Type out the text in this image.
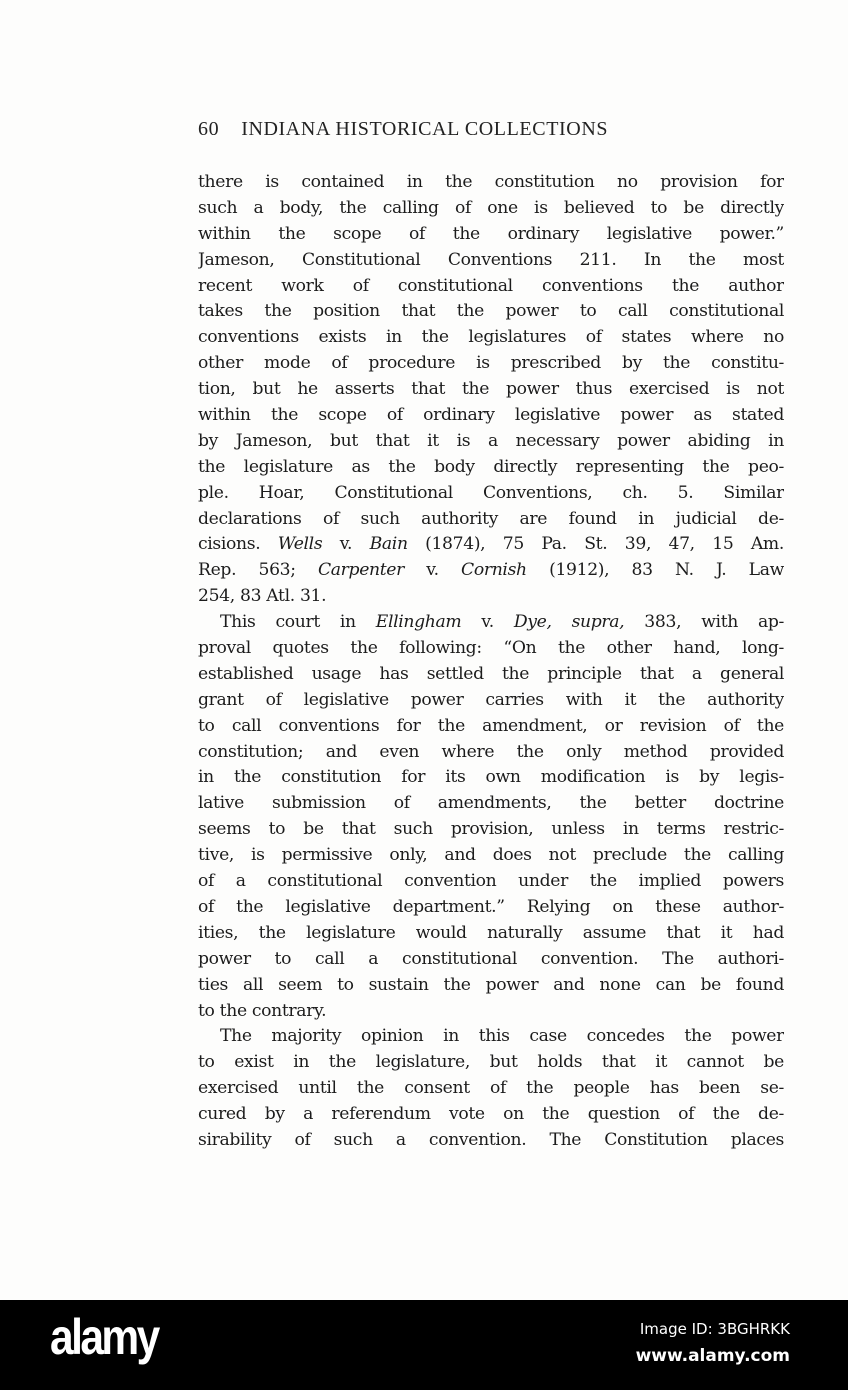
60 INDIANA HISTORICAL COLLECTIONS
there is contained in the constitution no provision for
such a body, the calling of one is believed to be directly
within the scope of the ordinary legislative power.”
Jameson, Constitutional Conventions 211. In the most
recent work of constitutional conventions the author
takes the position that the power to call constitutional
conventions exists in the legislatures of states where no
other mode of procedure is prescribed by the constitu-
tion, but he asserts that the power thus exercised is not
within the scope of ordinary legislative power as stated
by Jameson, but that it is a necessary power abiding in
the legislature as the body directly representing the peo-
ple. Hoar, Constitutional Conventions, ch. 5. Similar
declarations of such authority are found in judicial de-
cisions. Wells v. Bain (1874), 75 Pa. St. 39, 47, 15 Am.
Rep. 563; Carpenter v. Cornish (1912), 83 N. J. Law
254, 83 Atl. 31.
This court in Ellingham v. Dye, supra, 383, with ap-
proval quotes the following: “On the other hand, long-
established usage has settled the principle that a general
grant of legislative power carries with it the authority
to call conventions for the amendment, or revision of the
constitution; and even where the only method provided
in the constitution for its own modification is by legis-
lative submission of amendments, the better doctrine
seems to be that such provision, unless in terms restric-
tive, is permissive only, and does not preclude the calling
of a constitutional convention under the implied powers
of the legislative department.” Relying on these author-
ities, the legislature would naturally assume that it had
power to call a constitutional convention. The authori-
ties all seem to sustain the power and none can be found
to the contrary.
The majority opinion in this case concedes the power
to exist in the legislature, but holds that it cannot be
exercised until the consent of the people has been se-
cured by a referendum vote on the question of the de-
sirability of such a convention. The Constitution places
alamy	Image ID: 3BGHRKK
www.alamy.com
